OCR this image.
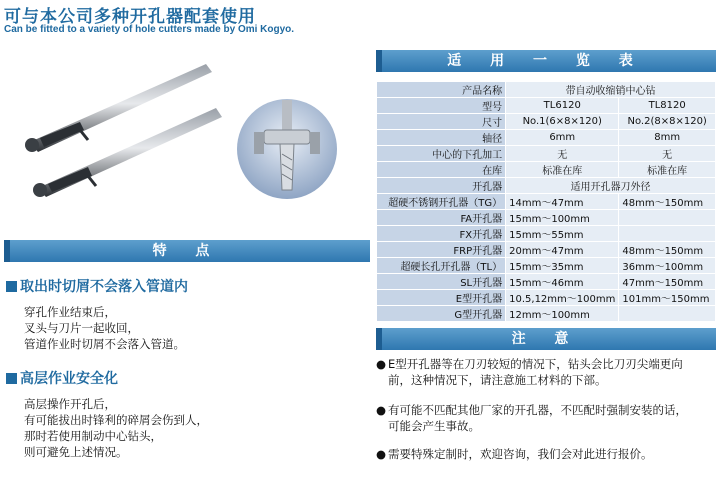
可与本公司多种开孔器配套使用
Can be fitted to a variety of hole cutters made by Omi Kogyo.
特 点
取出时切屑不会落入管道内
穿孔作业结束后，
叉头与刀片一起收回，
管道作业时切屑不会落入管道。
高层作业安全化
高层操作开孔后，
有可能拔出时锋利的碎屑会伤到人，
那时若使用制动中心钻头，
则可避免上述情况。
适 用 一 览 表
产品名称	带自动收缩销中心钻	
型号	TL6120	TL8120
尺寸	No.1(6×8×120)	No.2(8×8×120)
轴径	6mm	8mm
中心的下孔加工	无	无
在库	标准在库	标准在库
开孔器	适用开孔器刀外径	
超硬不锈钢开孔器（TG）	14mm～47mm	48mm～150mm
FA开孔器	15mm～100mm	
FX开孔器	15mm～55mm	
FRP开孔器	20mm～47mm	48mm～150mm
超硬长孔开孔器（TL）	15mm～35mm	36mm～100mm
SL开孔器	15mm～46mm	47mm～150mm
E型开孔器	10.5,12mm～100mm	101mm～150mm
G型开孔器	12mm～100mm	
注 意
● E型开孔器等在刀刃较短的情况下，钻头会比刀刃尖端更向
前，这种情况下，请注意施工材料的下部。
● 有可能不匹配其他厂家的开孔器，不匹配时强制安装的话，
可能会产生事故。
● 需要特殊定制时，欢迎咨询，我们会对此进行报价。
